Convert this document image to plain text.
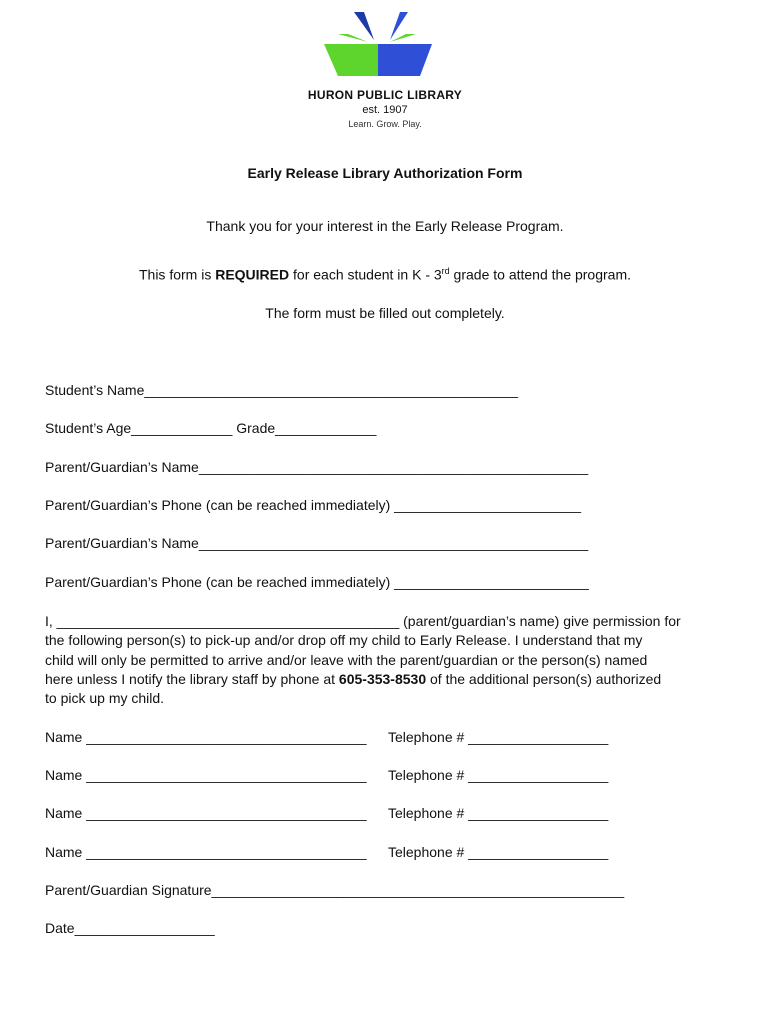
HURON PUBLIC LIBRARY
est. 1907
Learn. Grow. Play.
Early Release Library Authorization Form
Thank you for your interest in the Early Release Program.
This form is REQUIRED for each student in K - 3rd grade to attend the program.
The form must be filled out completely.
Student’s Name________________________________________________
Student’s Age_____________ Grade_____________
Parent/Guardian’s Name__________________________________________________
Parent/Guardian’s Phone (can be reached immediately) ________________________
Parent/Guardian’s Name__________________________________________________
Parent/Guardian’s Phone (can be reached immediately) _________________________
I, ____________________________________________ (parent/guardian’s name) give permission for
the following person(s) to pick-up and/or drop off my child to Early Release. I understand that my
child will only be permitted to arrive and/or leave with the parent/guardian or the person(s) named
here unless I notify the library staff by phone at 605-353-8530 of the additional person(s) authorized
to pick up my child.
Name ____________________________________ Telephone # __________________
Name ____________________________________ Telephone # __________________
Name ____________________________________ Telephone # __________________
Name ____________________________________ Telephone # __________________
Parent/Guardian Signature_____________________________________________________
Date__________________
